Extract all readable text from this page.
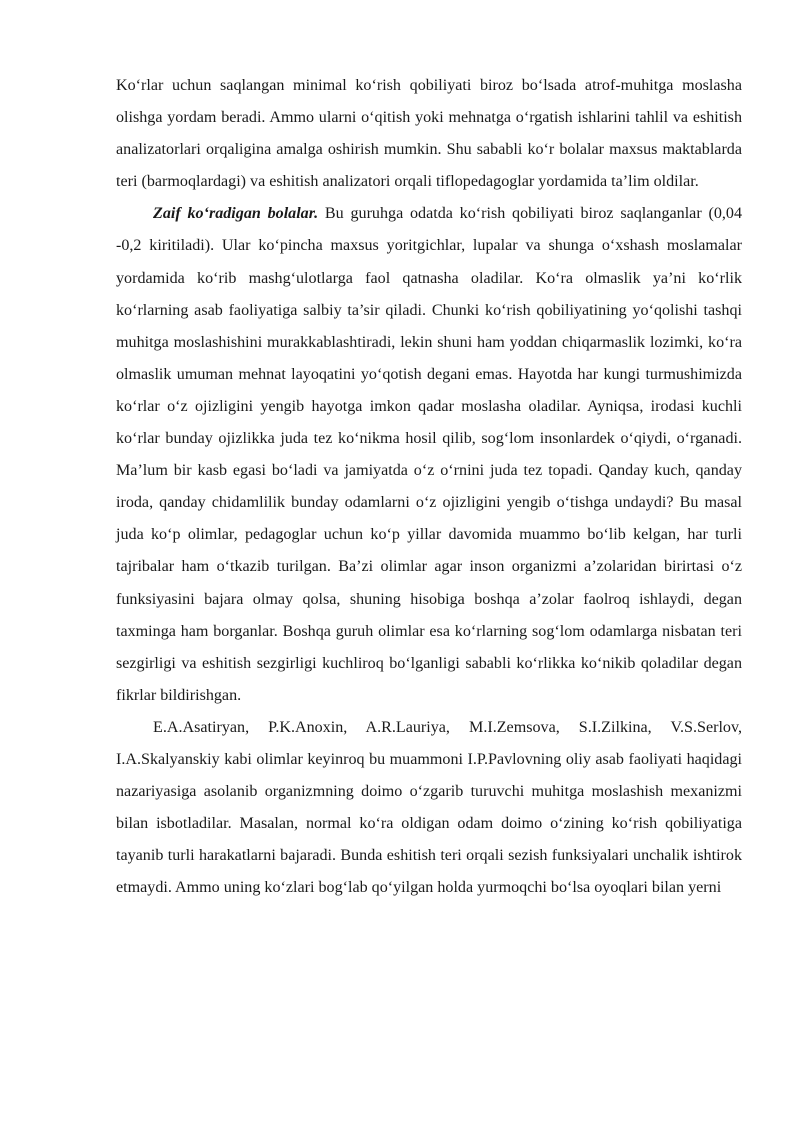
Ko‘rlar uchun saqlangan minimal ko‘rish qobiliyati biroz bo‘lsada atrof-muhitga moslasha olishga yordam beradi. Ammo ularni o‘qitish yoki mehnatga o‘rgatish ishlarini tahlil va eshitish analizatorlari orqaligina amalga oshirish mumkin. Shu sababli ko‘r bolalar maxsus maktablarda teri (barmoqlardagi) va eshitish analizatori orqali tiflopedagoglar yordamida ta’lim oldilar.

Zaif ko‘radigan bolalar. Bu guruhga odatda ko‘rish qobiliyati biroz saqlanganlar (0,04 -0,2 kiritiladi). Ular ko‘pincha maxsus yoritgichlar, lupalar va shunga o‘xshash moslamalar yordamida ko‘rib mashg‘ulotlarga faol qatnasha oladilar. Ko‘ra olmaslik ya’ni ko‘rlik ko‘rlarning asab faoliyatiga salbiy ta’sir qiladi. Chunki ko‘rish qobiliyatining yo‘qolishi tashqi muhitga moslashishini murakkablashtiradi, lekin shuni ham yoddan chiqarmaslik lozimki, ko‘ra olmaslik umuman mehnat layoqatini yo‘qotish degani emas. Hayotda har kungi turmushimizda ko‘rlar o‘z ojizligini yengib hayotga imkon qadar moslasha oladilar. Ayniqsa, irodasi kuchli ko‘rlar bunday ojizlikka juda tez ko‘nikma hosil qilib, sog‘lom insonlardek o‘qiydi, o‘rganadi. Ma’lum bir kasb egasi bo‘ladi va jamiyatda o‘z o‘rnini juda tez topadi. Qanday kuch, qanday iroda, qanday chidamlilik bunday odamlarni o‘z ojizligini yengib o‘tishga undaydi? Bu masal juda ko‘p olimlar, pedagoglar uchun ko‘p yillar davomida muammo bo‘lib kelgan, har turli tajribalar ham o‘tkazib turilgan. Ba’zi olimlar agar inson organizmi a’zolaridan birirtasi o‘z funksiyasini bajara olmay qolsa, shuning hisobiga boshqa a’zolar faolroq ishlaydi, degan taxminga ham borganlar. Boshqa guruh olimlar esa ko‘rlarning sog‘lom odamlarga nisbatan teri sezgirligi va eshitish sezgirligi kuchliroq bo‘lganligi sababli ko‘rlikka ko‘nikib qoladilar degan fikrlar bildirishgan.

E.A.Asatiryan, P.K.Anoxin, A.R.Lauriya, M.I.Zemsova, S.I.Zilkina, V.S.Serlov, I.A.Skalyanskiy kabi olimlar keyinroq bu muammoni I.P.Pavlovning oliy asab faoliyati haqidagi nazariyasiga asolanib organizmning doimo o‘zgarib turuvchi muhitga moslashish mexanizmi bilan isbotladilar. Masalan, normal ko‘ra oldigan odam doimo o‘zining ko‘rish qobiliyatiga tayanib turli harakatlarni bajaradi. Bunda eshitish teri orqali sezish funksiyalari unchalik ishtirok etmaydi. Ammo uning ko‘zlari bog‘lab qo‘yilgan holda yurmoqchi bo‘lsa oyoqlari bilan yerni
